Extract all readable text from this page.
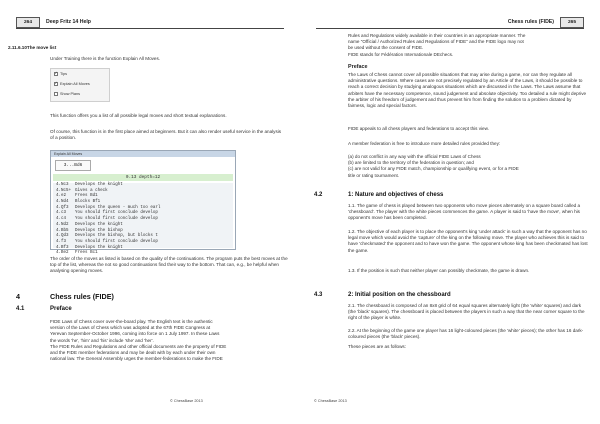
264	Deep Fritz 14 Help
2.11.6.10The move list
Under Training there is the function Explain All Moves.
✓ Tips
✓ Explain All Moves
Show Plans
This function offers you a list of all possible legal moves and short textual explanations.
Of course, this function is in the first place aimed at beginners. But it can also render useful service in the analysis of a position.
Explain All Moves
3...Bd6
0.13 depth=12
4.Nc3	Develops the knight
4.Nc5+ Gives a check
4.e2	Frees Bd1
4.Nd4	Blocks Bf1
4.Qf3	Develops the queen - much too earl
4.c3	You should first conclude develop
4.c4	You should first conclude develop
4.Nd2	Develops the knight
4.Bb5	Develops the bishop
4.Qd3	Develops the bishop, but blocks t
4.f3	You should first conclude develop
4.Bf3	Develops the knight
4.Be2	Frees Bc1
The order of the moves as listed is based on the quality of the continuations. The program puts the best moves at the top of the list, whereas the not so good continuations find their way to the bottom. That can, e.g., be helpful when analysing opening moves.
4	Chess rules (FIDE)
4.1	Preface

FIDE Laws of Chess cover over-the-board play. The English text is the authentic

version of the Laws of Chess which was adopted at the 67th FIDE Congress at

Yerevan September-October 1996, coming into force on 1 July 1997. In these Laws

the words 'he', 'him' and 'his' include 'she' and 'her'.

The FIDE Rules and Regulations and other official documents are the property of FIDE

and the FIDE member federations and may be dealt with by each under their own

national law. The General Assembly urges the member-federations to make the FIDE

© ChessBase 2013
Chess rules (FIDE)	265

Rules and Regulations widely available in their countries in an appropriate manner. The

name "Official / Authorized Rules and Regulations of FIDE" and the FIDE logo may not

be used without the consent of FIDE.

FIDE stands for Fédération Internationale DEchecs.

Preface
The Laws of Chess cannot cover all possible situations that may arise during a game, nor can they regulate all administrative questions. Where cases are not precisely regulated by an Article of the Laws, it should be possible to reach a correct decision by studying analogous situations which are discussed in the Laws. The Laws assume that arbiters have the necessary competence, sound judgement and absolute objectivity. Too detailed a rule might deprive the arbiter of his freedom of judgement and thus prevent him from finding the solution to a problem dictated by fairness, logic and special factors.
FIDE appeals to all chess players and federations to accept this view.
A member federation is free to introduce more detailed rules provided they:

(a) do not conflict in any way with the official FIDE Laws of Chess

(b) are limited to the territory of the federation in question; and

(c) are not valid for any FIDE match, championship or qualifying event, or for a FIDE

title or rating tournament.

4.2	1: Nature and objectives of chess
1.1. The game of chess is played between two opponents who move pieces alternately on a square board called a 'chessboard'. The player with the white pieces commences the game. A player is said to 'have the move', when his opponent's move has been completed.
1.2. The objective of each player is to place the opponent's king 'under attack' in such a way that the opponent has no legal move which would avoid the 'capture' of the king on the following move. The player who achieves this is said to have 'checkmated' the opponent and to have won the game. The opponent whose king has been checkmated has lost the game.
1.3. If the position is such that neither player can possibly checkmate, the game is drawn.
4.3	2: Initial position on the chessboard
2.1. The chessboard is composed of an 8x8 grid of 64 equal squares alternately light (the 'white' squares) and dark (the 'black' squares). The chessboard is placed between the players in such a way that the near corner square to the right of the player is white.
2.2. At the beginning of the game one player has 16 light-coloured pieces (the 'white' pieces); the other has 16 dark-coloured pieces (the 'black' pieces).
These pieces are as follows:
© ChessBase 2013
